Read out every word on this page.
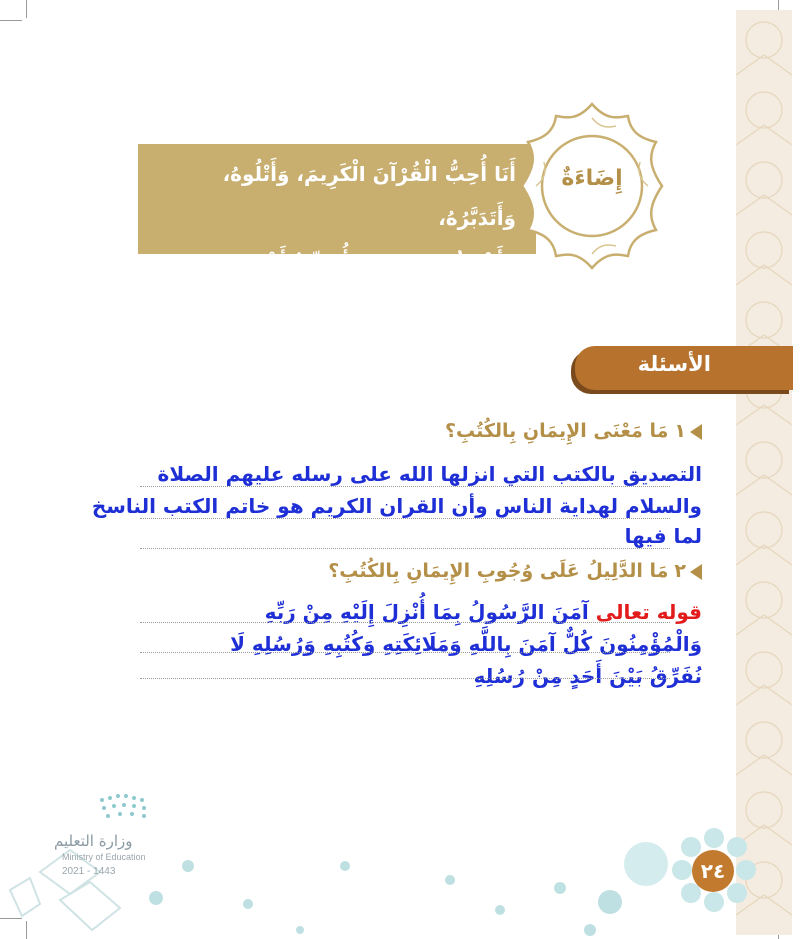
أَنَا أُحِبُّ الْقُرْآنَ الْكَرِيمَ، وَأَتْلُوهُ، وَأَتَدَبَّرُهُ،
وَأَعْمَلُ بِمَا فِيهِ، وَأُصَدِّقُ أَخْبَارَهُ.
إِضَاءَةٌ
الأسئلة
١مَا مَعْنَى الإِيمَانِ بِالكُتُبِ؟
التصديق بالكتب التي انزلها الله على رسله عليهم الصلاة
والسلام لهداية الناس وأن القران الكريم هو خاتم الكتب الناسخ
لما فيها
٢مَا الدَّلِيلُ عَلَى وُجُوبِ الإِيمَانِ بِالكُتُبِ؟
قوله تعالى آمَنَ الرَّسُولُ بِمَا أُنْزِلَ إِلَيْهِ مِنْ رَبِّهِ
وَالْمُؤْمِنُونَ كُلٌّ آمَنَ بِاللَّهِ وَمَلَائِكَتِهِ وَكُتُبِهِ وَرُسُلِهِ لَا
نُفَرِّقُ بَيْنَ أَحَدٍ مِنْ رُسُلِهِ
٢٤
وزارة التعليم
Ministry of Education
2021 - 1443
